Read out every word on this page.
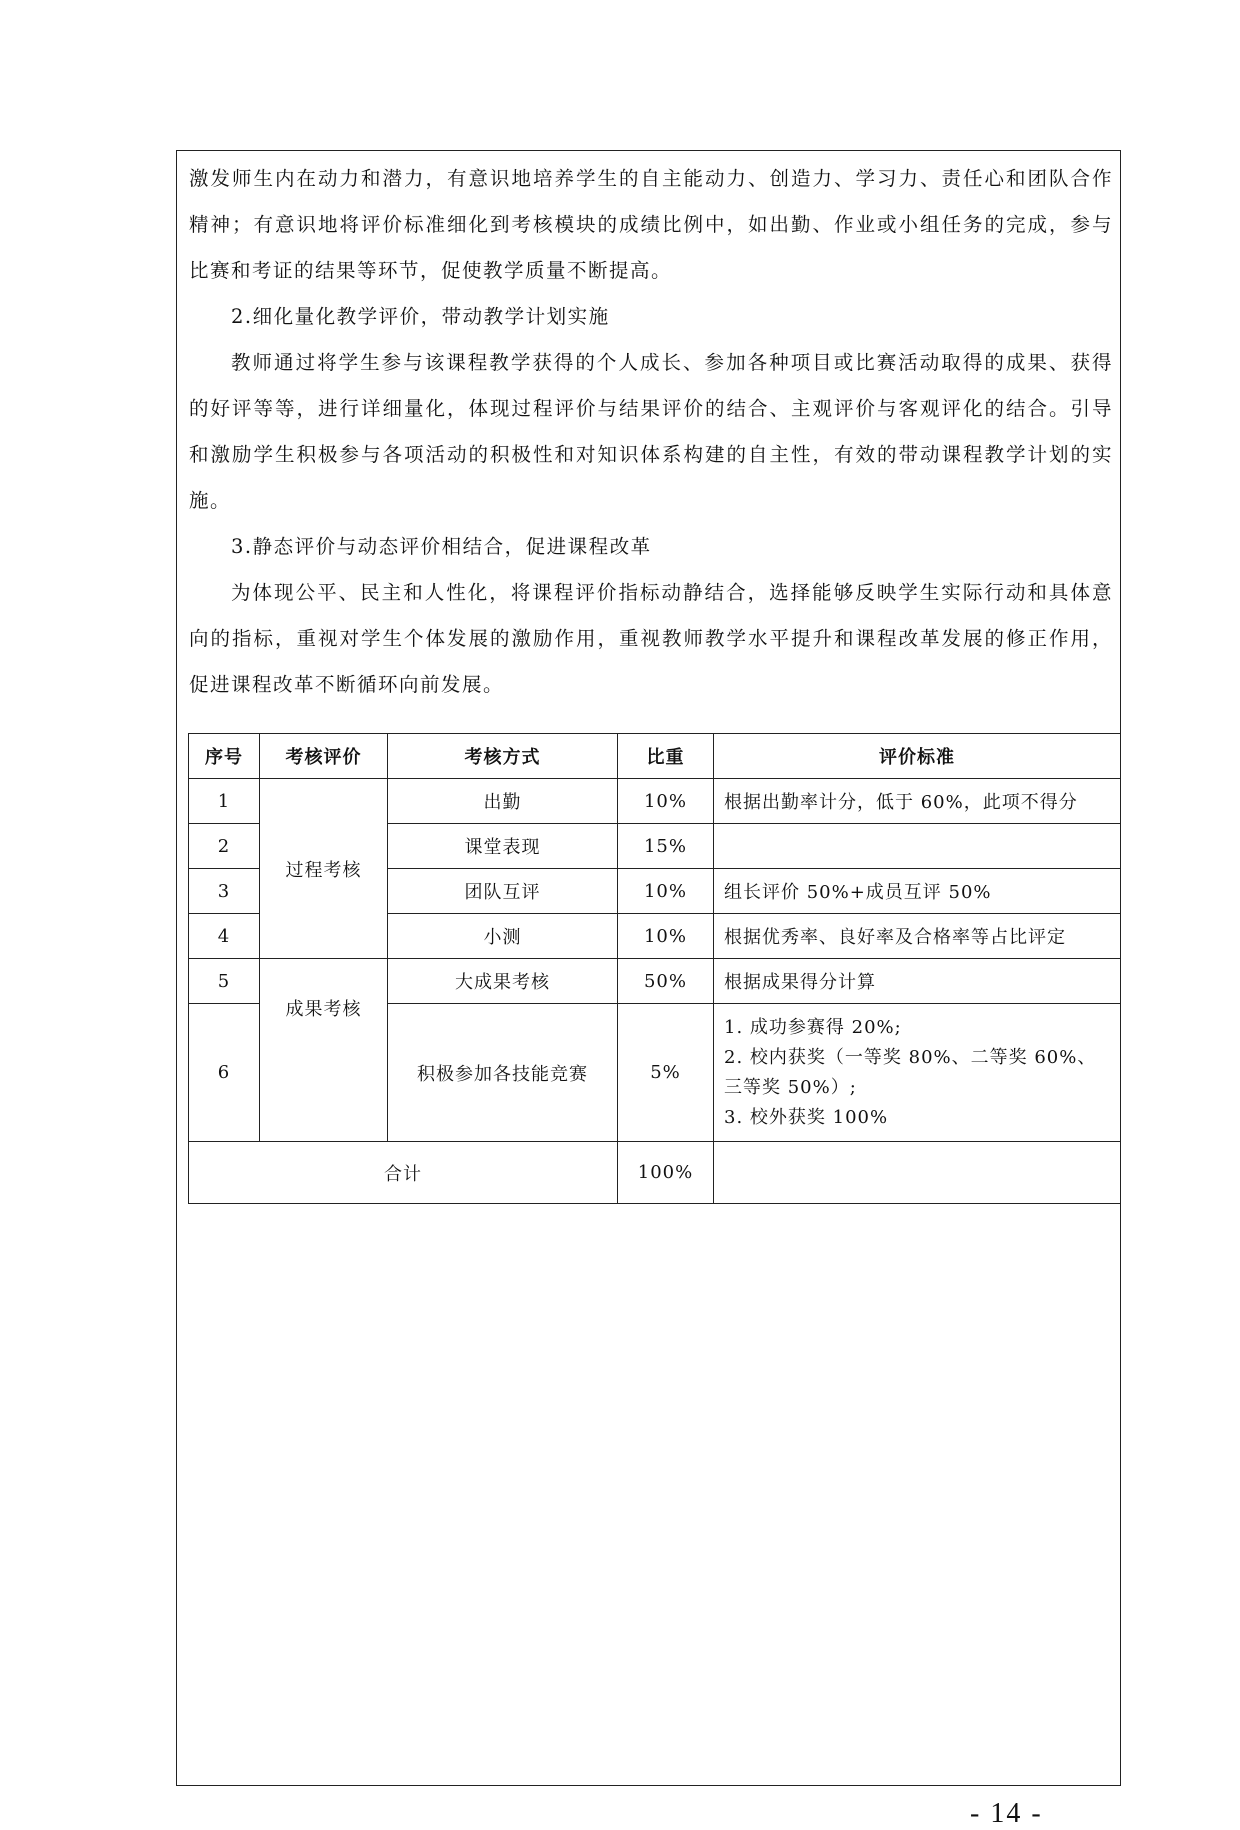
激发师生内在动力和潜力，有意识地培养学生的自主能动力、创造力、学习力、责任心和团队合作

精神；有意识地将评价标准细化到考核模块的成绩比例中，如出勤、作业或小组任务的完成，参与

比赛和考证的结果等环节，促使教学质量不断提高。

2.细化量化教学评价，带动教学计划实施

教师通过将学生参与该课程教学获得的个人成长、参加各种项目或比赛活动取得的成果、获得

的好评等等，进行详细量化，体现过程评价与结果评价的结合、主观评价与客观评化的结合。引导

和激励学生积极参与各项活动的积极性和对知识体系构建的自主性，有效的带动课程教学计划的实

施。

3.静态评价与动态评价相结合，促进课程改革

为体现公平、民主和人性化，将课程评价指标动静结合，选择能够反映学生实际行动和具体意

向的指标，重视对学生个体发展的激励作用，重视教师教学水平提升和课程改革发展的修正作用，

促进课程改革不断循环向前发展。

序号	考核评价	考核方式	比重	评价标准
1	过程考核	出勤	10%	根据出勤率计分，低于 60%，此项不得分
2		课堂表现	15%	
3		团队互评	10%	组长评价 50%+成员互评 50%
4		小测	10%	根据优秀率、良好率及合格率等占比评定
5	成果考核	大成果考核	50%	根据成果得分计算
6		积极参加各技能竞赛	5%	1. 成功参赛得 20%;
2. 校内获奖（一等奖 80%、二等奖 60%、
三等奖 50%）;
3. 校外获奖 100%

合计			100%	
- 14 -
